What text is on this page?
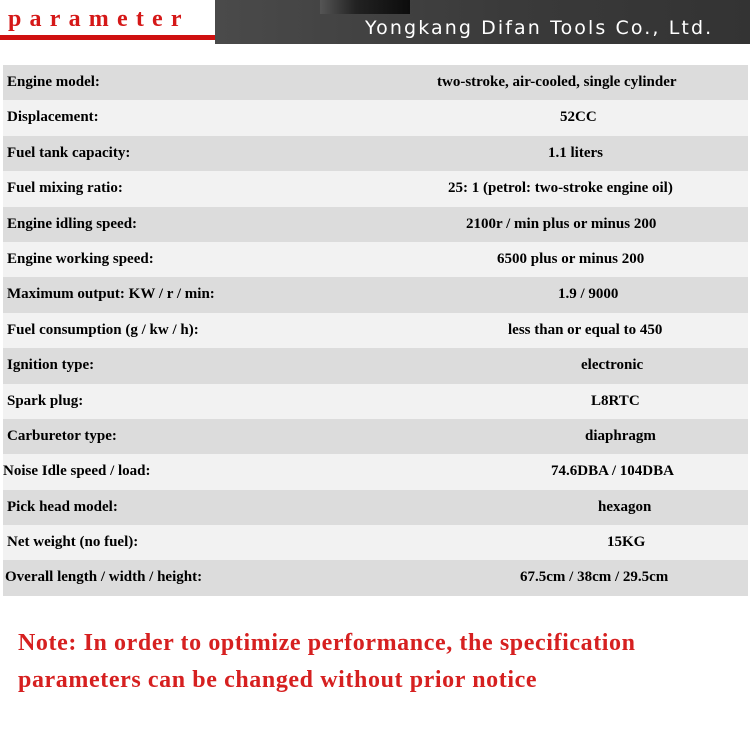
parameter	Yongkang Difan Tools Co., Ltd.
Engine model:	two-stroke, air-cooled, single cylinder
Displacement:	52CC
Fuel tank capacity:	1.1 liters
Fuel mixing ratio:	25: 1 (petrol: two-stroke engine oil)
Engine idling speed:	2100r / min plus or minus 200
Engine working speed:	6500 plus or minus 200
Maximum output: KW / r / min:	1.9 / 9000
Fuel consumption (g / kw / h):	less than or equal to 450
Ignition type:	electronic
Spark plug:	L8RTC
Carburetor type:	diaphragm
Noise Idle speed / load:	74.6DBA / 104DBA
Pick head model:	hexagon
Net weight (no fuel):	15KG
Overall length / width / height:	67.5cm / 38cm / 29.5cm
Note: In order to optimize performance, the specification
parameters can be changed without prior notice
